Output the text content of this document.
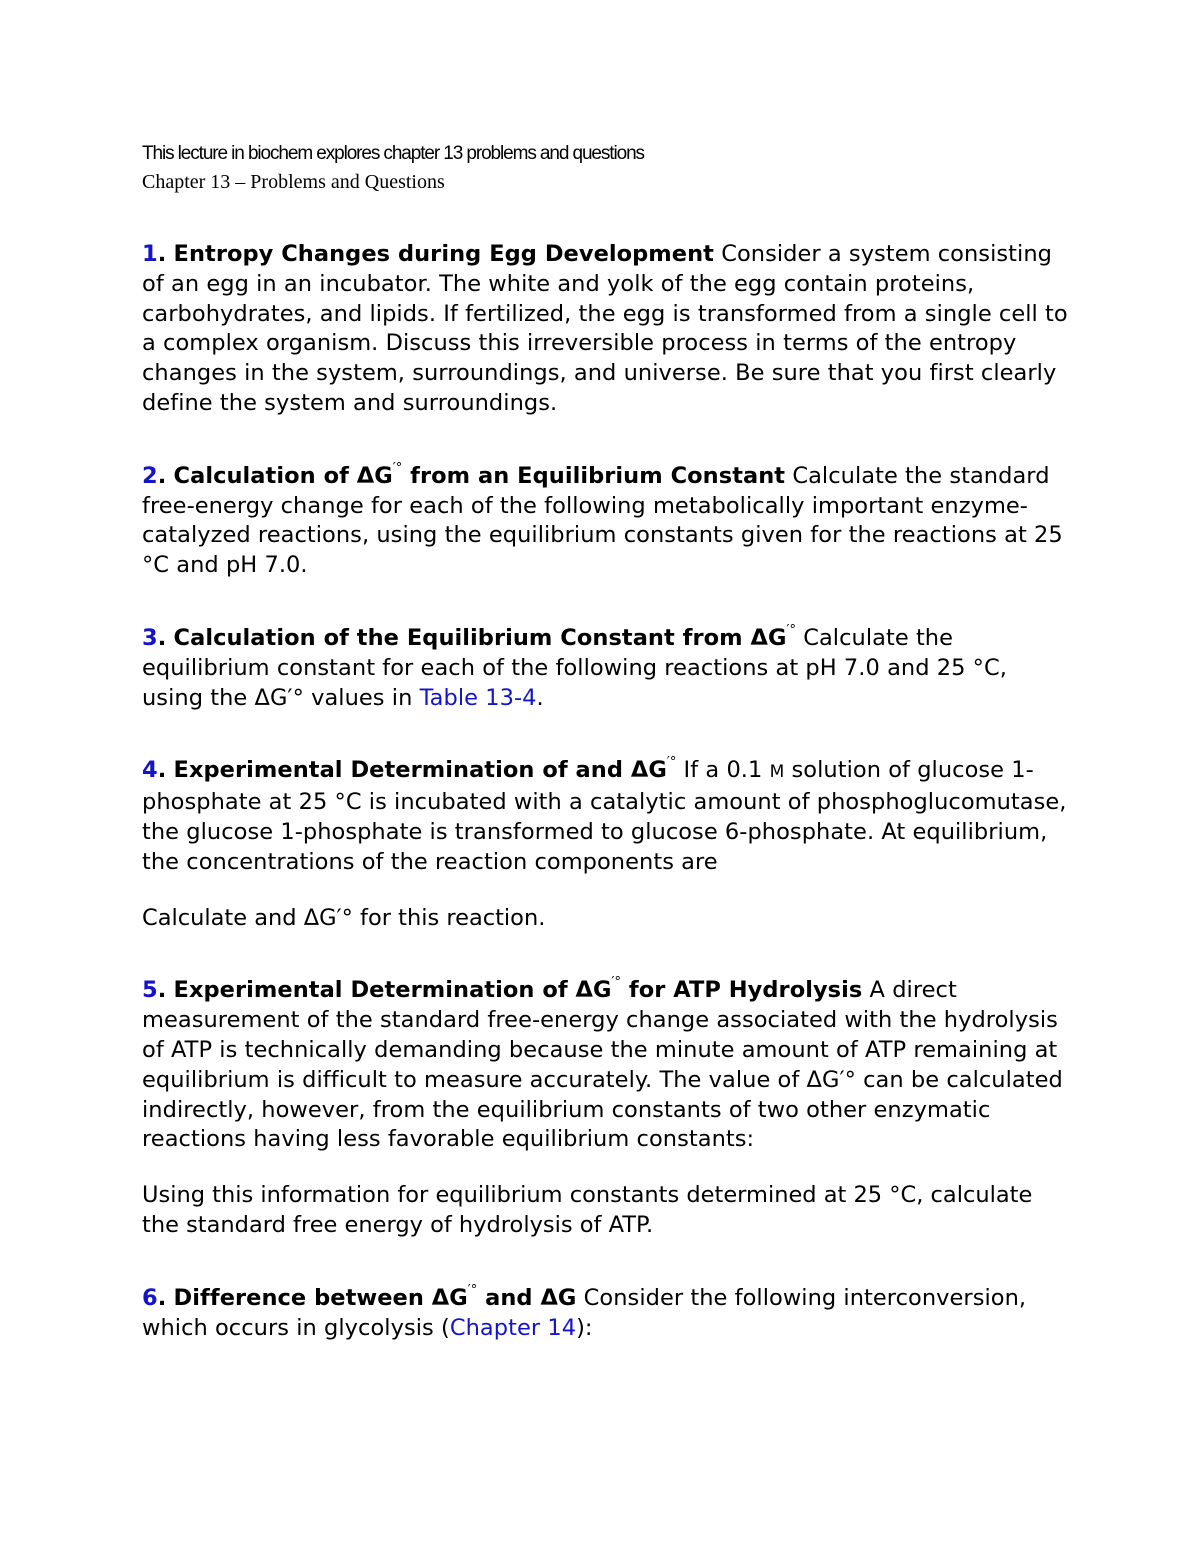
This lecture in biochem explores chapter 13 problems and questions

Chapter 13 – Problems and Questions

1. Entropy Changes during Egg Development Consider a system consisting of an egg in an incubator. The white and yolk of the egg contain proteins, carbohydrates, and lipids. If fertilized, the egg is transformed from a single cell to a complex organism. Discuss this irreversible process in terms of the entropy changes in the system, surroundings, and universe. Be sure that you first clearly define the system and surroundings.

2. Calculation of ΔG′° from an Equilibrium Constant Calculate the standard free-energy change for each of the following metabolically important enzyme-catalyzed reactions, using the equilibrium constants given for the reactions at 25 °C and pH 7.0.

3. Calculation of the Equilibrium Constant from ΔG′° Calculate the equilibrium constant for each of the following reactions at pH 7.0 and 25 °C, using the ΔG′° values in Table 13-4.

4. Experimental Determination of and ΔG′° If a 0.1 M solution of glucose 1- phosphate at 25 °C is incubated with a catalytic amount of phosphoglucomutase, the glucose 1-phosphate is transformed to glucose 6-phosphate. At equilibrium, the concentrations of the reaction components are

Calculate and ΔG′° for this reaction.

5. Experimental Determination of ΔG′° for ATP Hydrolysis A direct measurement of the standard free-energy change associated with the hydrolysis of ATP is technically demanding because the minute amount of ATP remaining at equilibrium is difficult to measure accurately. The value of ΔG′° can be calculated indirectly, however, from the equilibrium constants of two other enzymatic reactions having less favorable equilibrium constants:

Using this information for equilibrium constants determined at 25 °C, calculate the standard free energy of hydrolysis of ATP.

6. Difference between ΔG′° and ΔG Consider the following interconversion, which occurs in glycolysis (Chapter 14):
